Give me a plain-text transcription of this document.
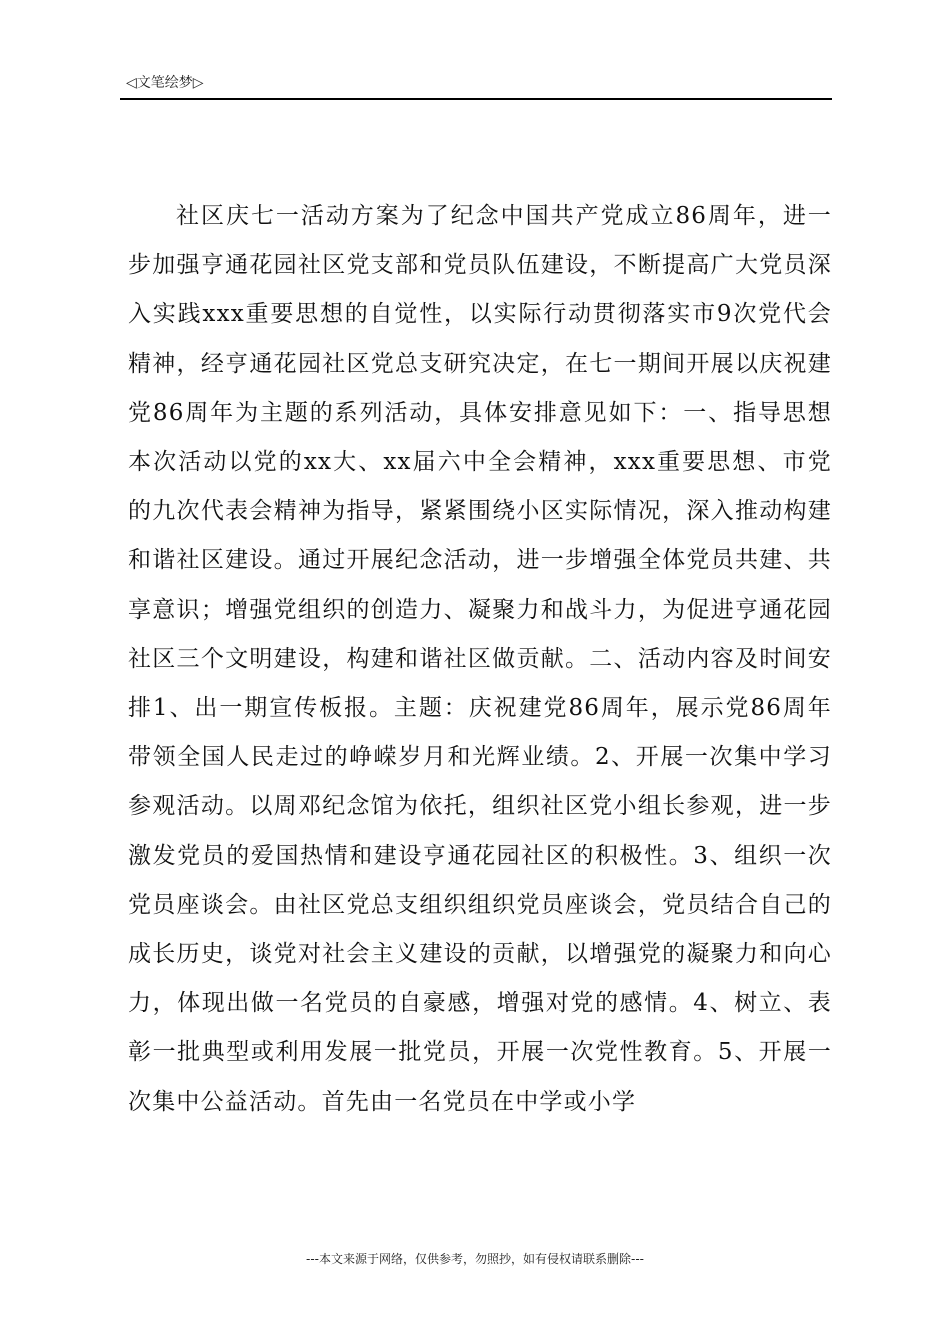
◁文笔绘梦▷

社区庆七一活动方案为了纪念中国共产党成立86周年，进一步加强亨通花园社区党支部和党员队伍建设，不断提高广大党员深入实践xxx重要思想的自觉性，以实际行动贯彻落实市9次党代会精神，经亨通花园社区党总支研究决定，在七一期间开展以庆祝建党86周年为主题的系列活动，具体安排意见如下：一、指导思想本次活动以党的xx大、xx届六中全会精神，xxx重要思想、市党的九次代表会精神为指导，紧紧围绕小区实际情况，深入推动构建和谐社区建设。通过开展纪念活动，进一步增强全体党员共建、共享意识；增强党组织的创造力、凝聚力和战斗力，为促进亨通花园社区三个文明建设，构建和谐社区做贡献。二、活动内容及时间安排1、出一期宣传板报。主题：庆祝建党86周年，展示党86周年带领全国人民走过的峥嵘岁月和光辉业绩。2、开展一次集中学习参观活动。以周邓纪念馆为依托，组织社区党小组长参观，进一步激发党员的爱国热情和建设亨通花园社区的积极性。3、组织一次党员座谈会。由社区党总支组织组织党员座谈会，党员结合自己的成长历史，谈党对社会主义建设的贡献，以增强党的凝聚力和向心力，体现出做一名党员的自豪感，增强对党的感情。4、树立、表彰一批典型或利用发展一批党员，开展一次党性教育。5、开展一次集中公益活动。首先由一名党员在中学或小学

---本文来源于网络，仅供参考，勿照抄，如有侵权请联系删除---
